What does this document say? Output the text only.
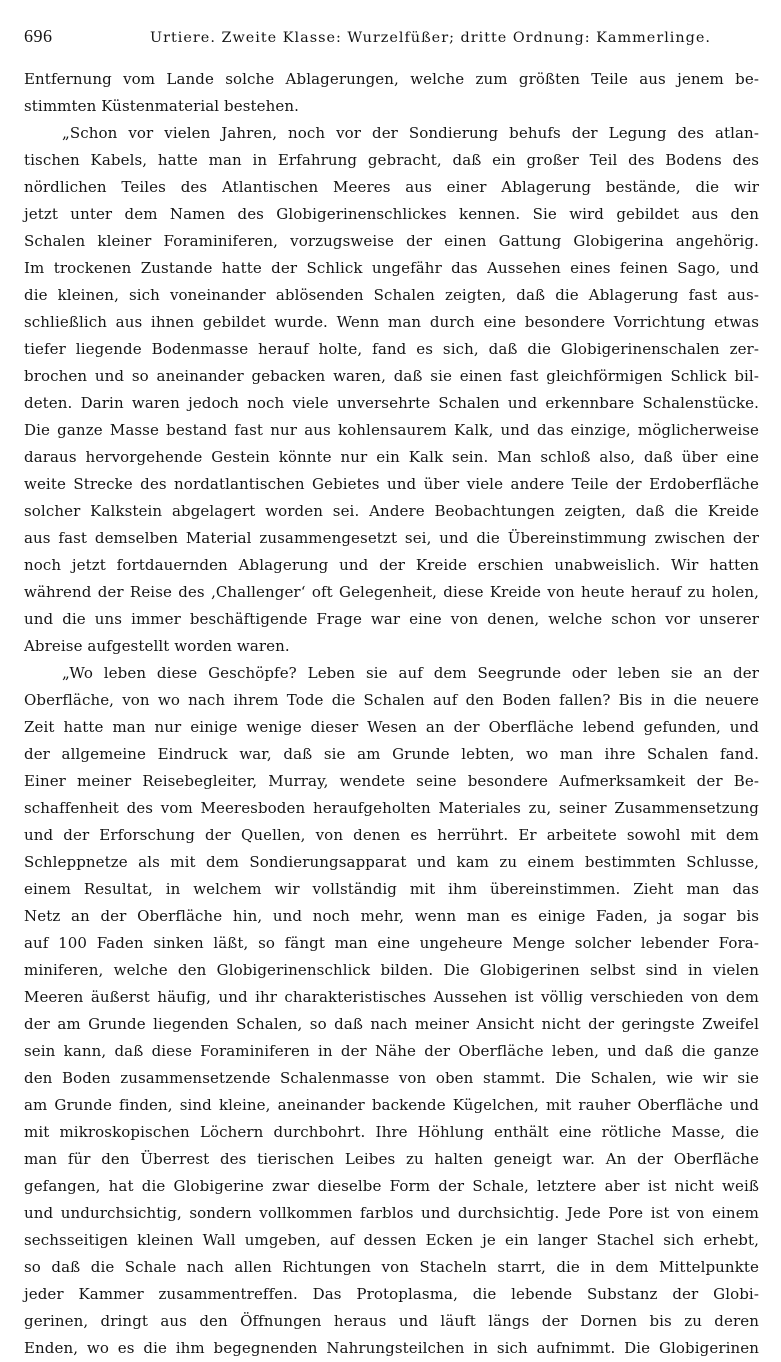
696	Urtiere. Zweite Klasse: Wurzelfüßer; dritte Ordnung: Kammerlinge.
Entfernung vom Lande solche Ablagerungen, welche zum größten Teile aus jenem be-
stimmten Küstenmaterial bestehen.
„Schon vor vielen Jahren, noch vor der Sondierung behufs der Legung des atlan-
tischen Kabels, hatte man in Erfahrung gebracht, daß ein großer Teil des Bodens des
nördlichen Teiles des Atlantischen Meeres aus einer Ablagerung bestände, die wir
jetzt unter dem Namen des Globigerinenschlickes kennen. Sie wird gebildet aus den
Schalen kleiner Foraminiferen, vorzugsweise der einen Gattung Globigerina angehörig.
Im trockenen Zustande hatte der Schlick ungefähr das Aussehen eines feinen Sago, und
die kleinen, sich voneinander ablösenden Schalen zeigten, daß die Ablagerung fast aus-
schließlich aus ihnen gebildet wurde. Wenn man durch eine besondere Vorrichtung etwas
tiefer liegende Bodenmasse herauf holte, fand es sich, daß die Globigerinenschalen zer-
brochen und so aneinander gebacken waren, daß sie einen fast gleichförmigen Schlick bil-
deten. Darin waren jedoch noch viele unversehrte Schalen und erkennbare Schalenstücke.
Die ganze Masse bestand fast nur aus kohlensaurem Kalk, und das einzige, möglicherweise
daraus hervorgehende Gestein könnte nur ein Kalk sein. Man schloß also, daß über eine
weite Strecke des nordatlantischen Gebietes und über viele andere Teile der Erdoberfläche
solcher Kalkstein abgelagert worden sei. Andere Beobachtungen zeigten, daß die Kreide
aus fast demselben Material zusammengesetzt sei, und die Übereinstimmung zwischen der
noch jetzt fortdauernden Ablagerung und der Kreide erschien unabweislich. Wir hatten
während der Reise des ‚Challenger‘ oft Gelegenheit, diese Kreide von heute herauf zu holen,
und die uns immer beschäftigende Frage war eine von denen, welche schon vor unserer
Abreise aufgestellt worden waren.
„Wo leben diese Geschöpfe? Leben sie auf dem Seegrunde oder leben sie an der
Oberfläche, von wo nach ihrem Tode die Schalen auf den Boden fallen? Bis in die neuere
Zeit hatte man nur einige wenige dieser Wesen an der Oberfläche lebend gefunden, und
der allgemeine Eindruck war, daß sie am Grunde lebten, wo man ihre Schalen fand.
Einer meiner Reisebegleiter, Murray, wendete seine besondere Aufmerksamkeit der Be-
schaffenheit des vom Meeresboden heraufgeholten Materiales zu, seiner Zusammensetzung
und der Erforschung der Quellen, von denen es herrührt. Er arbeitete sowohl mit dem
Schleppnetze als mit dem Sondierungsapparat und kam zu einem bestimmten Schlusse,
einem Resultat, in welchem wir vollständig mit ihm übereinstimmen. Zieht man das
Netz an der Oberfläche hin, und noch mehr, wenn man es einige Faden, ja sogar bis
auf 100 Faden sinken läßt, so fängt man eine ungeheure Menge solcher lebender Fora-
miniferen, welche den Globigerinenschlick bilden. Die Globigerinen selbst sind in vielen
Meeren äußerst häufig, und ihr charakteristisches Aussehen ist völlig verschieden von dem
der am Grunde liegenden Schalen, so daß nach meiner Ansicht nicht der geringste Zweifel
sein kann, daß diese Foraminiferen in der Nähe der Oberfläche leben, und daß die ganze
den Boden zusammensetzende Schalenmasse von oben stammt. Die Schalen, wie wir sie
am Grunde finden, sind kleine, aneinander backende Kügelchen, mit rauher Oberfläche und
mit mikroskopischen Löchern durchbohrt. Ihre Höhlung enthält eine rötliche Masse, die
man für den Überrest des tierischen Leibes zu halten geneigt war. An der Oberfläche
gefangen, hat die Globigerine zwar dieselbe Form der Schale, letztere aber ist nicht weiß
und undurchsichtig, sondern vollkommen farblos und durchsichtig. Jede Pore ist von einem
sechsseitigen kleinen Wall umgeben, auf dessen Ecken je ein langer Stachel sich erhebt,
so daß die Schale nach allen Richtungen von Stacheln starrt, die in dem Mittelpunkte
jeder Kammer zusammentreffen. Das Protoplasma, die lebende Substanz der Globi-
gerinen, dringt aus den Öffnungen heraus und läuft längs der Dornen bis zu deren
Enden, wo es die ihm begegnenden Nahrungsteilchen in sich aufnimmt. Die Globigerinen
